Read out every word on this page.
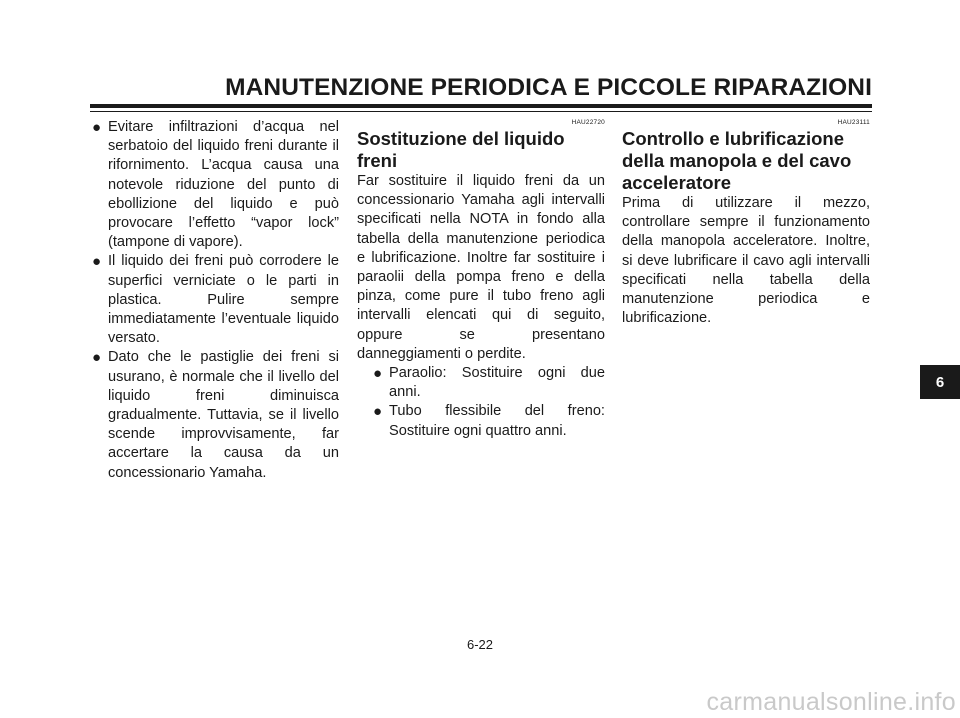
MANUTENZIONE PERIODICA E PICCOLE RIPARAZIONI
● Evitare infiltrazioni d’acqua nel serbatoio del liquido freni durante il rifornimento. L’acqua causa una notevole riduzione del punto di ebollizione del liquido e può provocare l’effetto “vapor lock” (tampone di vapore).
● Il liquido dei freni può corrodere le superfici verniciate o le parti in plastica. Pulire sempre immediatamente l’eventuale liquido versato.
● Dato che le pastiglie dei freni si usurano, è normale che il livello del liquido freni diminuisca gradualmente. Tuttavia, se il livello scende improvvisamente, far accertare la causa da un concessionario Yamaha.
HAU22720
Sostituzione del liquido freni

Far sostituire il liquido freni da un concessionario Yamaha agli intervalli specificati nella NOTA in fondo alla tabella della manutenzione periodica e lubrificazione. Inoltre far sostituire i paraolii della pompa freno e della pinza, come pure il tubo freno agli intervalli elencati qui di seguito, oppure se presentano danneggiamenti o perdite.

● Paraolio: Sostituire ogni due anni.
● Tubo flessibile del freno: Sostituire ogni quattro anni.
HAU23111
Controllo e lubrificazione della manopola e del cavo acceleratore

Prima di utilizzare il mezzo, controllare sempre il funzionamento della manopola acceleratore. Inoltre, si deve lubrificare il cavo agli intervalli specificati nella tabella della manutenzione periodica e lubrificazione.

6
6-22
carmanualsonline.info
